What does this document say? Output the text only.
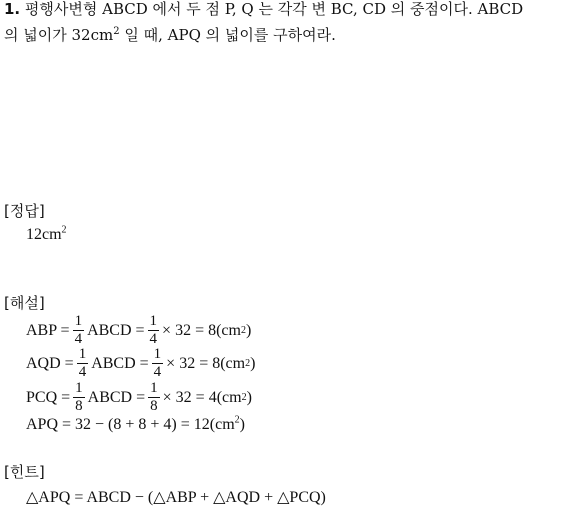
1. 평행사변형 ABCD 에서 두 점 P, Q 는 각각 변 BC, CD 의 중점이다. ABCD
의 넓이가 $32cm^2$ 일 때, APQ 의 넓이를 구하여라.
[정답]
$12cm^2$
[해설]
ABP = $\frac{1}{4}$ ABCD = $\frac{1}{4} \times 32 = 8(cm$ 2 )
AQD = $\frac{1}{4}$ ABCD = $\frac{1}{4} \times 32 = 8(cm$ 2 )
PCQ = $\frac{1}{8}$ ABCD = $\frac{1}{8} \times 32 = 4(cm$ 2 )
APQ = $32 - (8 + 8 + 4) = 12(cm^2)$
[힌트]
△APQ = ABCD − (△ABP + △AQD + △PCQ)
